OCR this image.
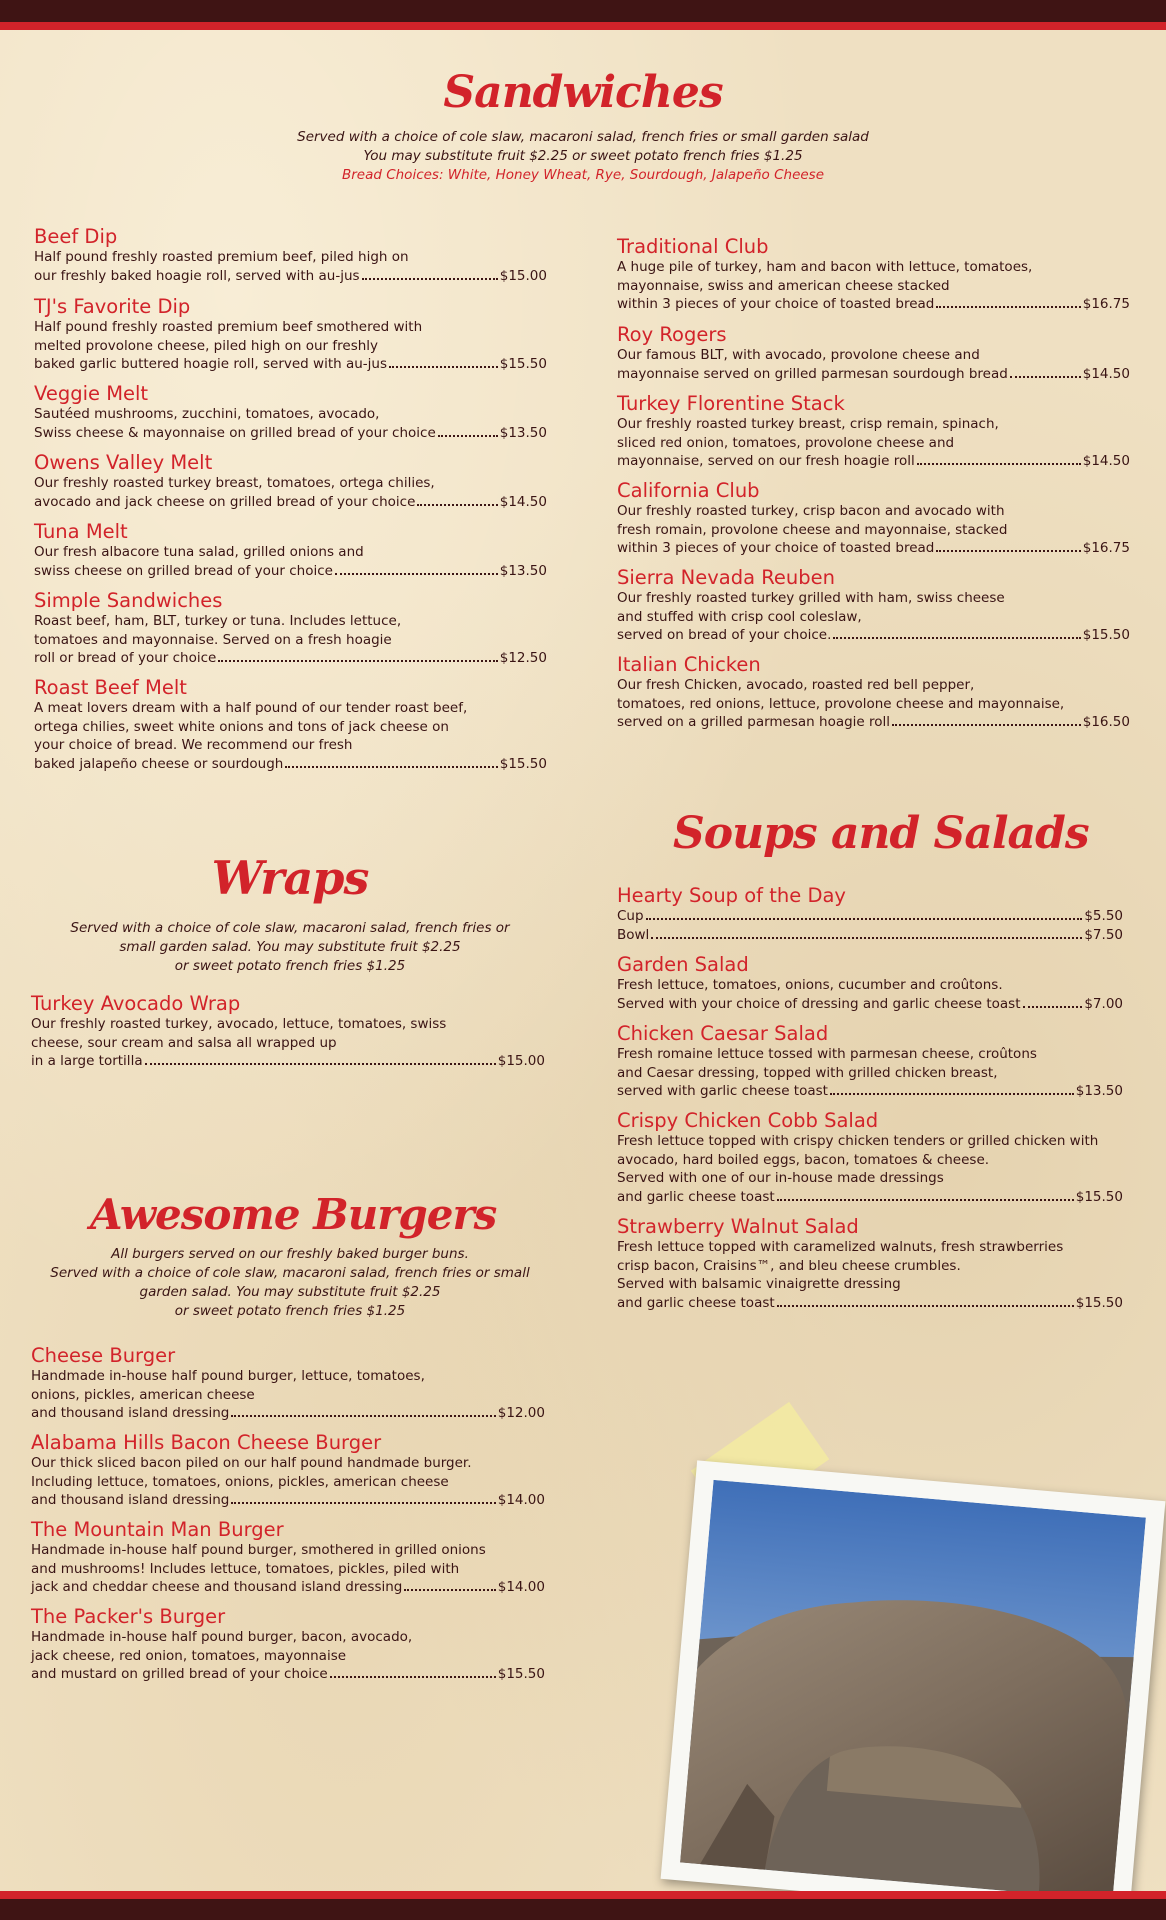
Sandwiches

Served with a choice of cole slaw, macaroni salad, french fries or small garden salad

You may substitute fruit $2.25 or sweet potato french fries $1.25

Bread Choices: White, Honey Wheat, Rye, Sourdough, Jalapeño Cheese

Beef Dip
Half pound freshly roasted premium beef, piled high on
our freshly baked hoagie roll, served with au-jus	$15.00
TJ's Favorite Dip
Half pound freshly roasted premium beef smothered with
melted provolone cheese, piled high on our freshly
baked garlic buttered hoagie roll, served with au-jus	$15.50
Veggie Melt
Sautéed mushrooms, zucchini, tomatoes, avocado,
Swiss cheese & mayonnaise on grilled bread of your choice	$13.50
Owens Valley Melt
Our freshly roasted turkey breast, tomatoes, ortega chilies,
avocado and jack cheese on grilled bread of your choice	$14.50
Tuna Melt
Our fresh albacore tuna salad, grilled onions and
swiss cheese on grilled bread of your choice	$13.50
Simple Sandwiches
Roast beef, ham, BLT, turkey or tuna. Includes lettuce,
tomatoes and mayonnaise. Served on a fresh hoagie
roll or bread of your choice	$12.50
Roast Beef Melt
A meat lovers dream with a half pound of our tender roast beef,
ortega chilies, sweet white onions and tons of jack cheese on
your choice of bread. We recommend our fresh
baked jalapeño cheese or sourdough	$15.50
Traditional Club
A huge pile of turkey, ham and bacon with lettuce, tomatoes,
mayonnaise, swiss and american cheese stacked
within 3 pieces of your choice of toasted bread	$16.75
Roy Rogers
Our famous BLT, with avocado, provolone cheese and
mayonnaise served on grilled parmesan sourdough bread	$14.50
Turkey Florentine Stack
Our freshly roasted turkey breast, crisp remain, spinach,
sliced red onion, tomatoes, provolone cheese and
mayonnaise, served on our fresh hoagie roll	$14.50
California Club
Our freshly roasted turkey, crisp bacon and avocado with
fresh romain, provolone cheese and mayonnaise, stacked
within 3 pieces of your choice of toasted bread	$16.75
Sierra Nevada Reuben
Our freshly roasted turkey grilled with ham, swiss cheese
and stuffed with crisp cool coleslaw,
served on bread of your choice.	$15.50
Italian Chicken
Our fresh Chicken, avocado, roasted red bell pepper,
tomatoes, red onions, lettuce, provolone cheese and mayonnaise,
served on a grilled parmesan hoagie roll	$16.50
Wraps

Served with a choice of cole slaw, macaroni salad, french fries or

small garden salad. You may substitute fruit $2.25

or sweet potato french fries $1.25

Turkey Avocado Wrap
Our freshly roasted turkey, avocado, lettuce, tomatoes, swiss
cheese, sour cream and salsa all wrapped up
in a large tortilla	$15.00
Awesome Burgers

All burgers served on our freshly baked burger buns.

Served with a choice of cole slaw, macaroni salad, french fries or small

garden salad. You may substitute fruit $2.25

or sweet potato french fries $1.25

Cheese Burger
Handmade in-house half pound burger, lettuce, tomatoes,
onions, pickles, american cheese
and thousand island dressing	$12.00
Alabama Hills Bacon Cheese Burger
Our thick sliced bacon piled on our half pound handmade burger.
Including lettuce, tomatoes, onions, pickles, american cheese
and thousand island dressing	$14.00
The Mountain Man Burger
Handmade in-house half pound burger, smothered in grilled onions
and mushrooms! Includes lettuce, tomatoes, pickles, piled with
jack and cheddar cheese and thousand island dressing	$14.00
The Packer's Burger
Handmade in-house half pound burger, bacon, avocado,
jack cheese, red onion, tomatoes, mayonnaise
and mustard on grilled bread of your choice	$15.50
Soups and Salads
Hearty Soup of the Day
Cup	$5.50
Bowl	$7.50
Garden Salad
Fresh lettuce, tomatoes, onions, cucumber and croûtons.
Served with your choice of dressing and garlic cheese toast	$7.00
Chicken Caesar Salad
Fresh romaine lettuce tossed with parmesan cheese, croûtons
and Caesar dressing, topped with grilled chicken breast,
served with garlic cheese toast	$13.50
Crispy Chicken Cobb Salad
Fresh lettuce topped with crispy chicken tenders or grilled chicken with
avocado, hard boiled eggs, bacon, tomatoes & cheese.
Served with one of our in-house made dressings
and garlic cheese toast	$15.50
Strawberry Walnut Salad
Fresh lettuce topped with caramelized walnuts, fresh strawberries
crisp bacon, Craisins™, and bleu cheese crumbles.
Served with balsamic vinaigrette dressing
and garlic cheese toast	$15.50
